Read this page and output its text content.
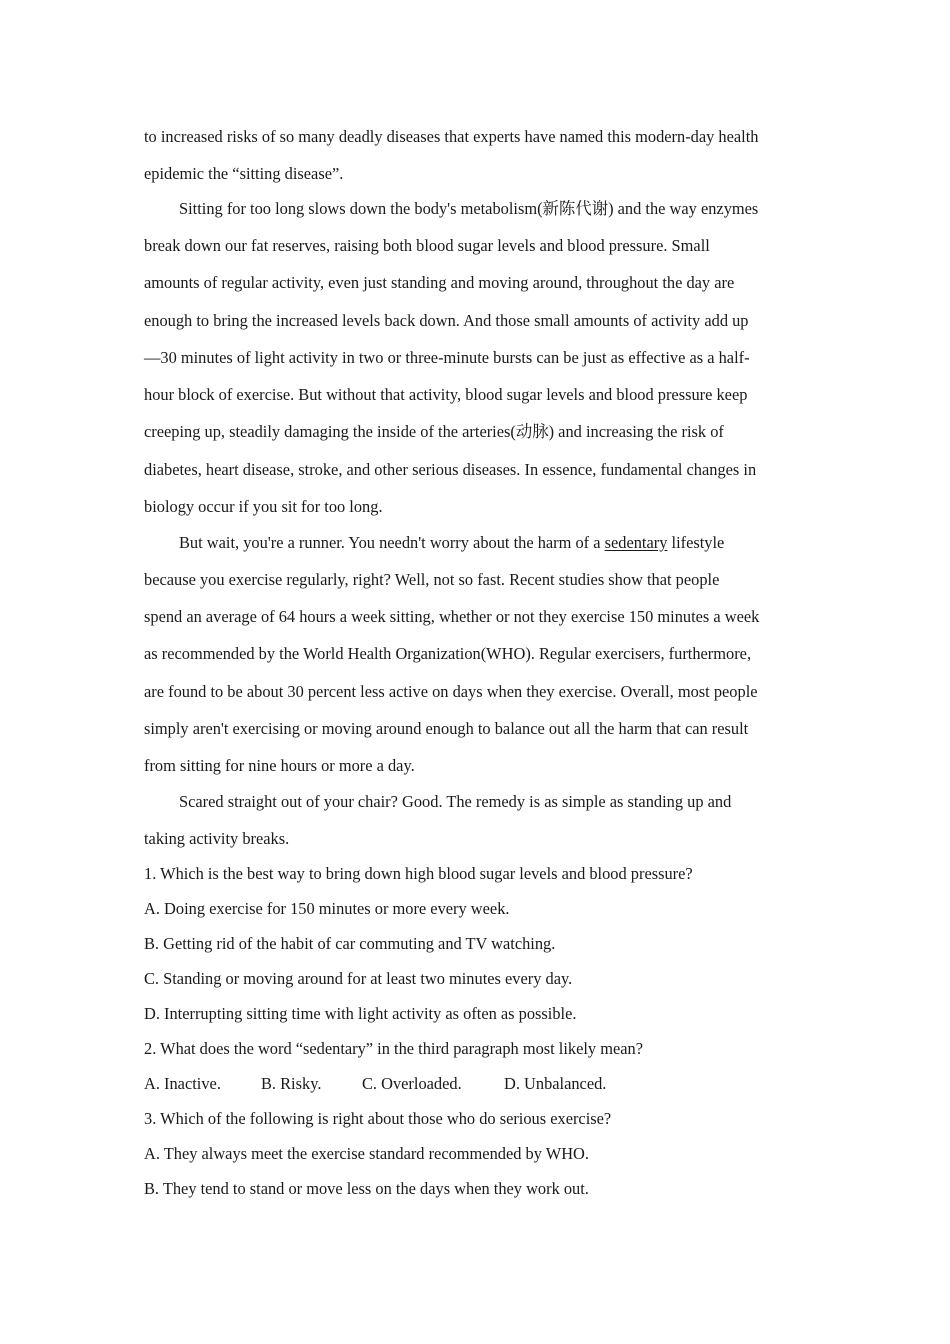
to increased risks of so many deadly diseases that experts have named this modern-day health
epidemic the “sitting disease”.
Sitting for too long slows down the body's metabolism(新陈代谢) and the way enzymes
break down our fat reserves, raising both blood sugar levels and blood pressure. Small
amounts of regular activity, even just standing and moving around, throughout the day are
enough to bring the increased levels back down. And those small amounts of activity add up
—30 minutes of light activity in two or three-minute bursts can be just as effective as a half-
hour block of exercise. But without that activity, blood sugar levels and blood pressure keep
creeping up, steadily damaging the inside of the arteries(动脉) and increasing the risk of
diabetes, heart disease, stroke, and other serious diseases. In essence, fundamental changes in
biology occur if you sit for too long.
But wait, you're a runner. You needn't worry about the harm of a sedentary lifestyle
because you exercise regularly, right? Well, not so fast. Recent studies show that people
spend an average of 64 hours a week sitting, whether or not they exercise 150 minutes a week
as recommended by the World Health Organization(WHO). Regular exercisers, furthermore,
are found to be about 30 percent less active on days when they exercise. Overall, most people
simply aren't exercising or moving around enough to balance out all the harm that can result
from sitting for nine hours or more a day.
Scared straight out of your chair? Good. The remedy is as simple as standing up and
taking activity breaks.
1. Which is the best way to bring down high blood sugar levels and blood pressure?
A. Doing exercise for 150 minutes or more every week.
B. Getting rid of the habit of car commuting and TV watching.
C. Standing or moving around for at least two minutes every day.
D. Interrupting sitting time with light activity as often as possible.
2. What does the word “sedentary” in the third paragraph most likely mean?
A. Inactive. B. Risky. C. Overloaded.	D. Unbalanced.
3. Which of the following is right about those who do serious exercise?
A. They always meet the exercise standard recommended by WHO.
B. They tend to stand or move less on the days when they work out.
